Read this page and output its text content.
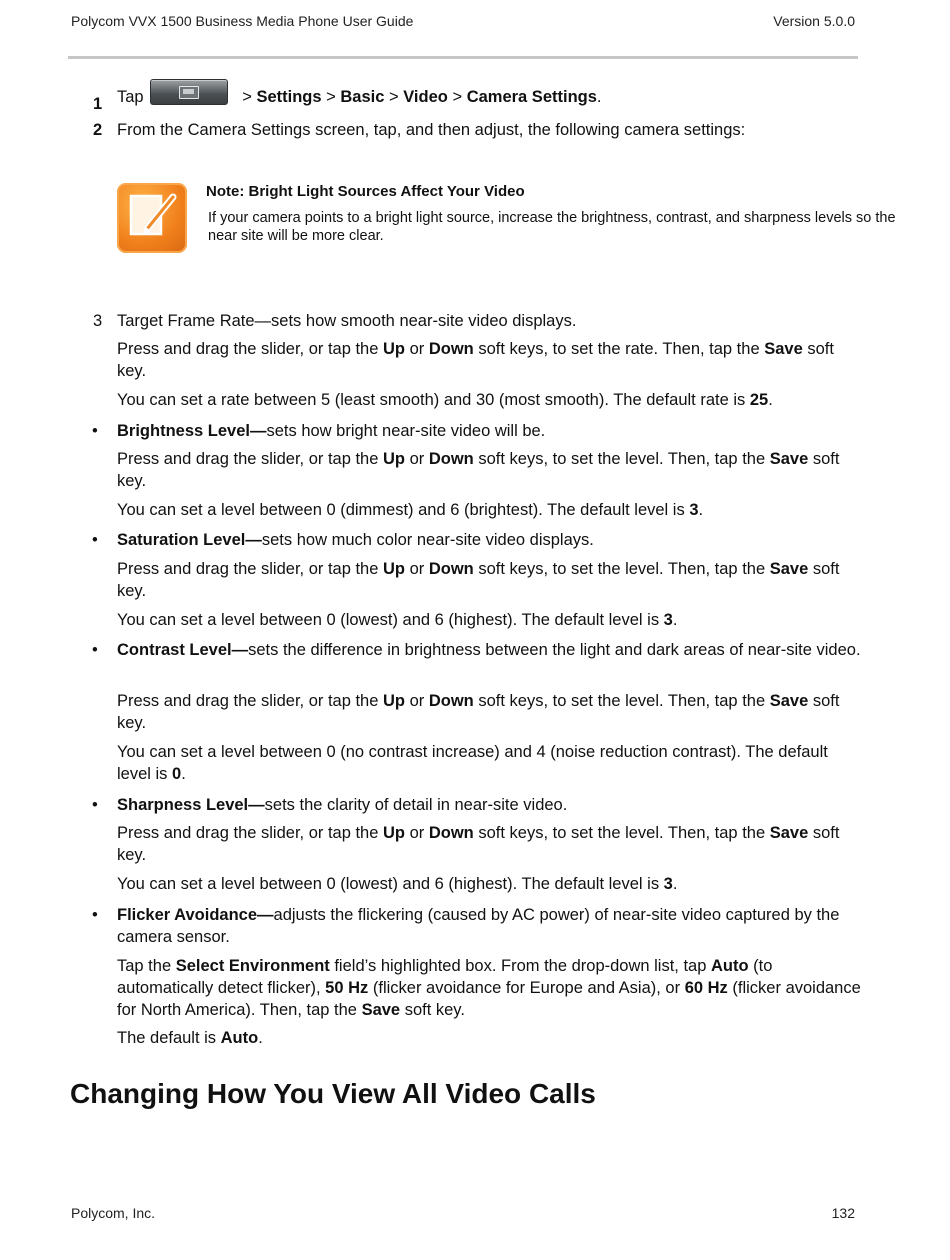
Polycom VVX 1500 Business Media Phone User Guide	Version 5.0.0
1 Tap	> Settings > Basic > Video > Camera Settings.

2 From the Camera Settings screen, tap, and then adjust, the following camera settings:

Note: Bright Light Sources Affect Your Video

If your camera points to a bright light source, increase the brightness, contrast, and sharpness levels so the near site will be more clear.

3 Target Frame Rate—sets how smooth near-site video displays.

Press and drag the slider, or tap the Up or Down soft keys, to set the rate. Then, tap the Save soft key.

You can set a rate between 5 (least smooth) and 30 (most smooth). The default rate is 25.

• Brightness Level—sets how bright near-site video will be.

Press and drag the slider, or tap the Up or Down soft keys, to set the level. Then, tap the Save soft key.

You can set a level between 0 (dimmest) and 6 (brightest). The default level is 3.

• Saturation Level—sets how much color near-site video displays.

Press and drag the slider, or tap the Up or Down soft keys, to set the level. Then, tap the Save soft key.

You can set a level between 0 (lowest) and 6 (highest). The default level is 3.

• Contrast Level—sets the difference in brightness between the light and dark areas of near-site video.

Press and drag the slider, or tap the Up or Down soft keys, to set the level. Then, tap the Save soft key.

You can set a level between 0 (no contrast increase) and 4 (noise reduction contrast). The default level is 0.

• Sharpness Level—sets the clarity of detail in near-site video.

Press and drag the slider, or tap the Up or Down soft keys, to set the level. Then, tap the Save soft key.

You can set a level between 0 (lowest) and 6 (highest). The default level is 3.

• Flicker Avoidance—adjusts the flickering (caused by AC power) of near-site video captured by the camera sensor.

Tap the Select Environment field’s highlighted box. From the drop-down list, tap Auto (to automatically detect flicker), 50 Hz (flicker avoidance for Europe and Asia), or 60 Hz (flicker avoidance for North America). Then, tap the Save soft key.

The default is Auto.

Changing How You View All Video Calls
Polycom, Inc.	132
